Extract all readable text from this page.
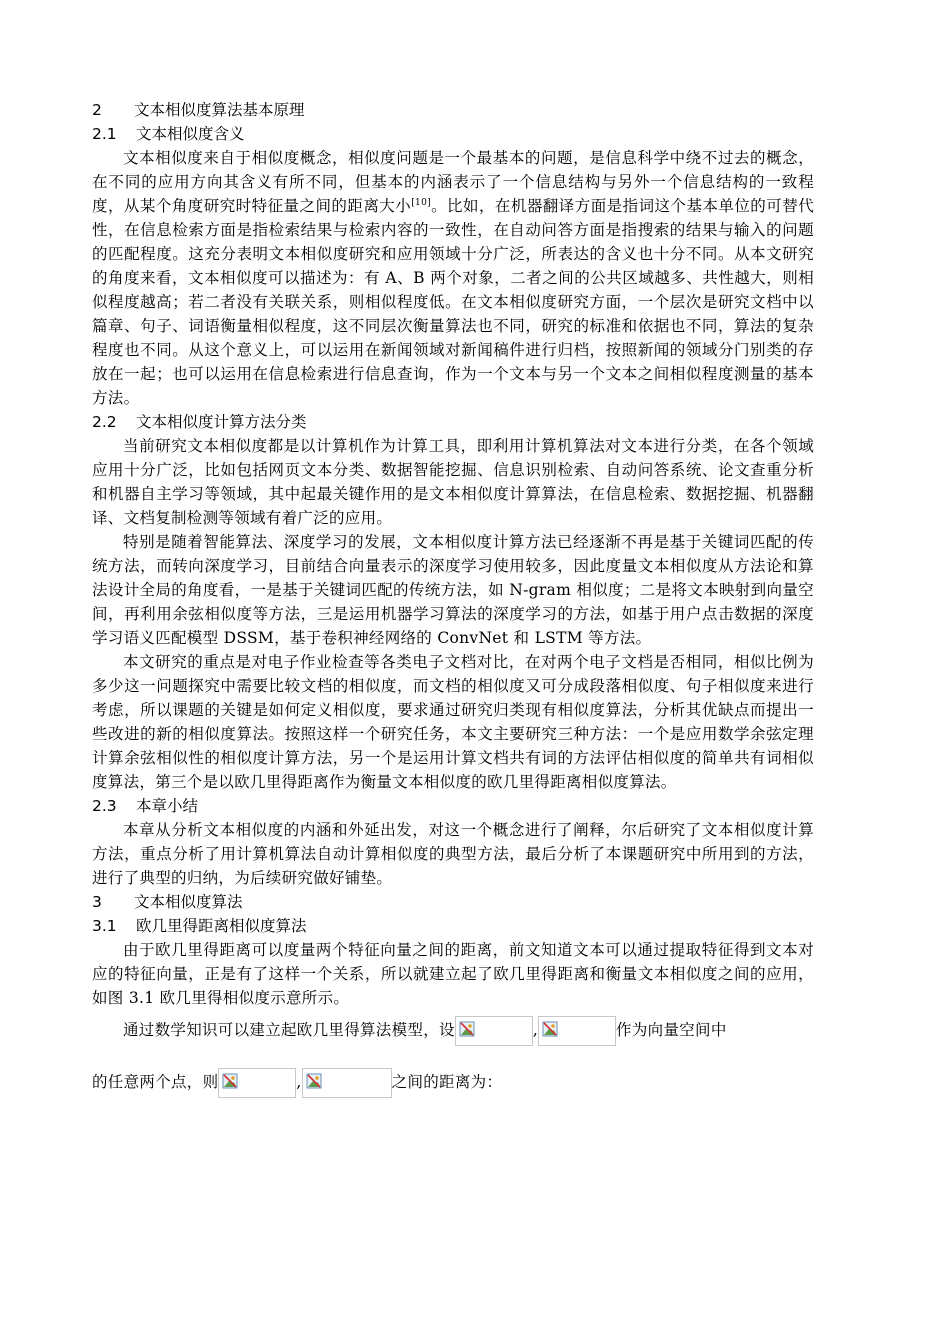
2 文本相似度算法基本原理
2.1 文本相似度含义

文本相似度来自于相似度概念，相似度问题是一个最基本的问题，是信息科学中绕不过去的概念，在不同的应用方向其含义有所不同，但基本的内涵表示了一个信息结构与另外一个信息结构的一致程度，从某个角度研究时特征量之间的距离大小[10]。比如，在机器翻译方面是指词这个基本单位的可替代性，在信息检索方面是指检索结果与检索内容的一致性，在自动问答方面是指搜索的结果与输入的问题的匹配程度。这充分表明文本相似度研究和应用领域十分广泛，所表达的含义也十分不同。从本文研究的角度来看，文本相似度可以描述为：有 A、B 两个对象，二者之间的公共区域越多、共性越大，则相似程度越高；若二者没有关联关系，则相似程度低。在文本相似度研究方面，一个层次是研究文档中以篇章、句子、词语衡量相似程度，这不同层次衡量算法也不同，研究的标准和依据也不同，算法的复杂程度也不同。从这个意义上，可以运用在新闻领域对新闻稿件进行归档，按照新闻的领域分门别类的存放在一起；也可以运用在信息检索进行信息查询，作为一个文本与另一个文本之间相似程度测量的基本方法。

2.2 文本相似度计算方法分类

当前研究文本相似度都是以计算机作为计算工具，即利用计算机算法对文本进行分类，在各个领域应用十分广泛，比如包括网页文本分类、数据智能挖掘、信息识别检索、自动问答系统、论文查重分析和机器自主学习等领域，其中起最关键作用的是文本相似度计算算法，在信息检索、数据挖掘、机器翻译、文档复制检测等领域有着广泛的应用。

特别是随着智能算法、深度学习的发展，文本相似度计算方法已经逐渐不再是基于关键词匹配的传统方法，而转向深度学习，目前结合向量表示的深度学习使用较多，因此度量文本相似度从方法论和算法设计全局的角度看，一是基于关键词匹配的传统方法，如 N-gram 相似度；二是将文本映射到向量空间，再利用余弦相似度等方法，三是运用机器学习算法的深度学习的方法，如基于用户点击数据的深度学习语义匹配模型 DSSM，基于卷积神经网络的 ConvNet 和 LSTM 等方法。

本文研究的重点是对电子作业检查等各类电子文档对比，在对两个电子文档是否相同，相似比例为多少这一问题探究中需要比较文档的相似度，而文档的相似度又可分成段落相似度、句子相似度来进行考虑，所以课题的关键是如何定义相似度，要求通过研究归类现有相似度算法，分析其优缺点而提出一些改进的新的相似度算法。按照这样一个研究任务，本文主要研究三种方法：一个是应用数学余弦定理计算余弦相似性的相似度计算方法，另一个是运用计算文档共有词的方法评估相似度的简单共有词相似度算法，第三个是以欧几里得距离作为衡量文本相似度的欧几里得距离相似度算法。

2.3 本章小结

本章从分析文本相似度的内涵和外延出发，对这一个概念进行了阐释，尔后研究了文本相似度计算方法，重点分析了用计算机算法自动计算相似度的典型方法，最后分析了本课题研究中所用到的方法，进行了典型的归纳，为后续研究做好铺垫。

3 文本相似度算法
3.1 欧几里得距离相似度算法

由于欧几里得距离可以度量两个特征向量之间的距离，前文知道文本可以通过提取特征得到文本对应的特征向量，正是有了这样一个关系，所以就建立起了欧几里得距离和衡量文本相似度之间的应用，如图 3.1 欧几里得相似度示意所示。

通过数学知识可以建立起欧几里得算法模型，设	,	作为向量空间中
的任意两个点，则	,	之间的距离为：
